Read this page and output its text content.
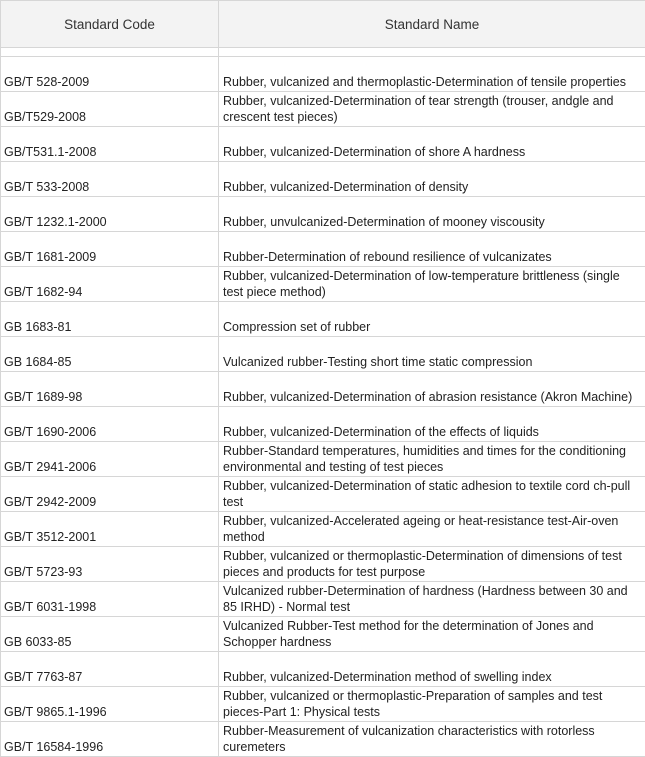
Standard Code	Standard Name

GB/T 528-2009	Rubber, vulcanized and thermoplastic-Determination of tensile properties
GB/T529-2008	Rubber, vulcanized-Determination of tear strength (trouser, andgle and crescent test pieces)
GB/T531.1-2008	Rubber, vulcanized-Determination of shore A hardness
GB/T 533-2008	Rubber, vulcanized-Determination of density
GB/T 1232.1-2000	Rubber, unvulcanized-Determination of mooney viscousity
GB/T 1681-2009	Rubber-Determination of rebound resilience of vulcanizates
GB/T 1682-94	Rubber, vulcanized-Determination of low-temperature brittleness (single test piece method)
GB 1683-81	Compression set of rubber
GB 1684-85	Vulcanized rubber-Testing short time static compression
GB/T 1689-98	Rubber, vulcanized-Determination of abrasion resistance (Akron Machine)
GB/T 1690-2006	Rubber, vulcanized-Determination of the effects of liquids
GB/T 2941-2006	Rubber-Standard temperatures, humidities and times for the conditioning environmental and testing of test pieces
GB/T 2942-2009	Rubber, vulcanized-Determination of static adhesion to textile cord ch-pull test
GB/T 3512-2001	Rubber, vulcanized-Accelerated ageing or heat-resistance test-Air-oven method
GB/T 5723-93	Rubber, vulcanized or thermoplastic-Determination of dimensions of test pieces and products for test purpose
GB/T 6031-1998	Vulcanized rubber-Determination of hardness (Hardness between 30 and 85 IRHD) - Normal test
GB 6033-85	Vulcanized Rubber-Test method for the determination of Jones and Schopper hardness
GB/T 7763-87	Rubber, vulcanized-Determination method of swelling index
GB/T 9865.1-1996	Rubber, vulcanized or thermoplastic-Preparation of samples and test pieces-Part 1: Physical tests
GB/T 16584-1996	Rubber-Measurement of vulcanization characteristics with rotorless curemeters
